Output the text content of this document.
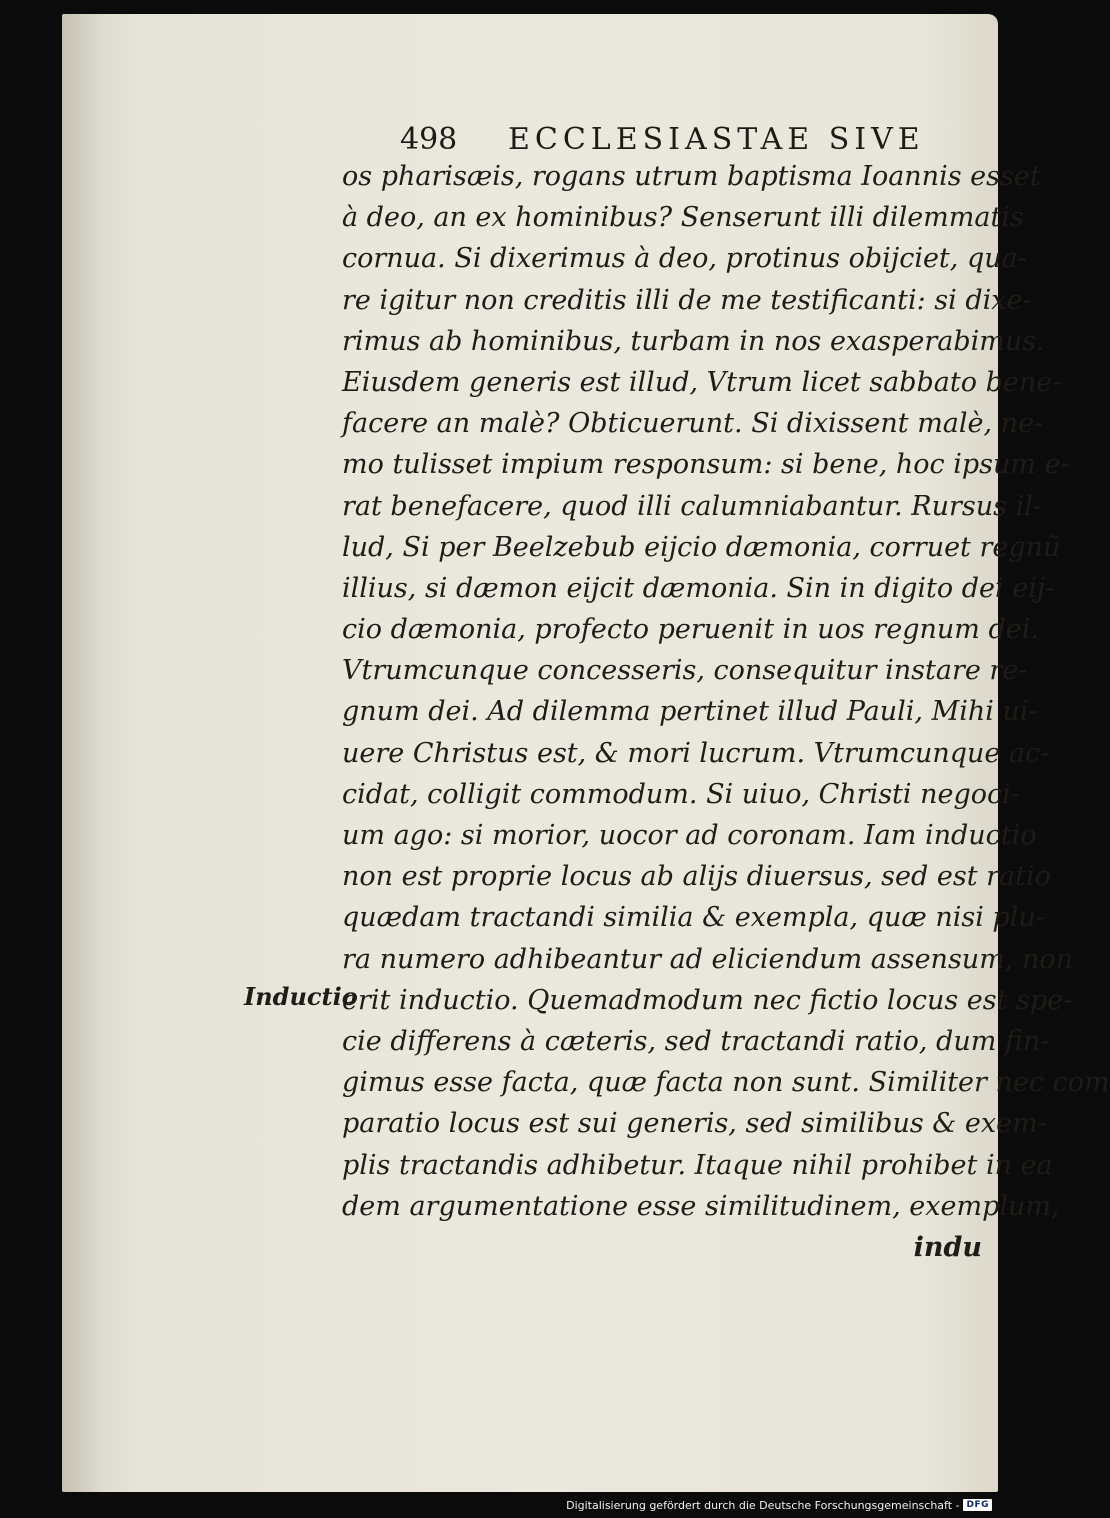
498 ECCLESIASTAE SIVE
Inductio
os pharisæis, rogans utrum baptisma Ioannis esset
à deo, an ex hominibus? Senserunt illi dilemmatis
cornua. Si dixerimus à deo, protinus obijciet, qua-
re igitur non creditis illi de me testificanti: si dixe-
rimus ab hominibus, turbam in nos exasperabimus.
Eiusdem generis est illud, Vtrum licet sabbato bene-
facere an malè? Obticuerunt. Si dixissent malè, ne-
mo tulisset impium responsum: si bene, hoc ipsum e-
rat benefacere, quod illi calumniabantur. Rursus il-
lud, Si per Beelzebub eijcio dæmonia, corruet regnũ
illius, si dæmon eijcit dæmonia. Sin in digito dei eij-
cio dæmonia, profecto peruenit in uos regnum dei.
Vtrumcunque concesseris, consequitur instare re-
gnum dei. Ad dilemma pertinet illud Pauli, Mihi ui-
uere Christus est, & mori lucrum. Vtrumcunque ac-
cidat, colligit commodum. Si uiuo, Christi negoci-
um ago: si morior, uocor ad coronam. Iam inductio
non est proprie locus ab alijs diuersus, sed est ratio
quædam tractandi similia & exempla, quæ nisi plu-
ra numero adhibeantur ad eliciendum assensum, non
erit inductio. Quemadmodum nec fictio locus est spe-
cie differens à cæteris, sed tractandi ratio, dum fin-
gimus esse facta, quæ facta non sunt. Similiter nec com
paratio locus est sui generis, sed similibus & exem-
plis tractandis adhibetur. Itaque nihil prohibet in ea
dem argumentatione esse similitudinem, exemplum,
indu
Digitalisierung gefördert durch die Deutsche Forschungsgemeinschaft - DFG
